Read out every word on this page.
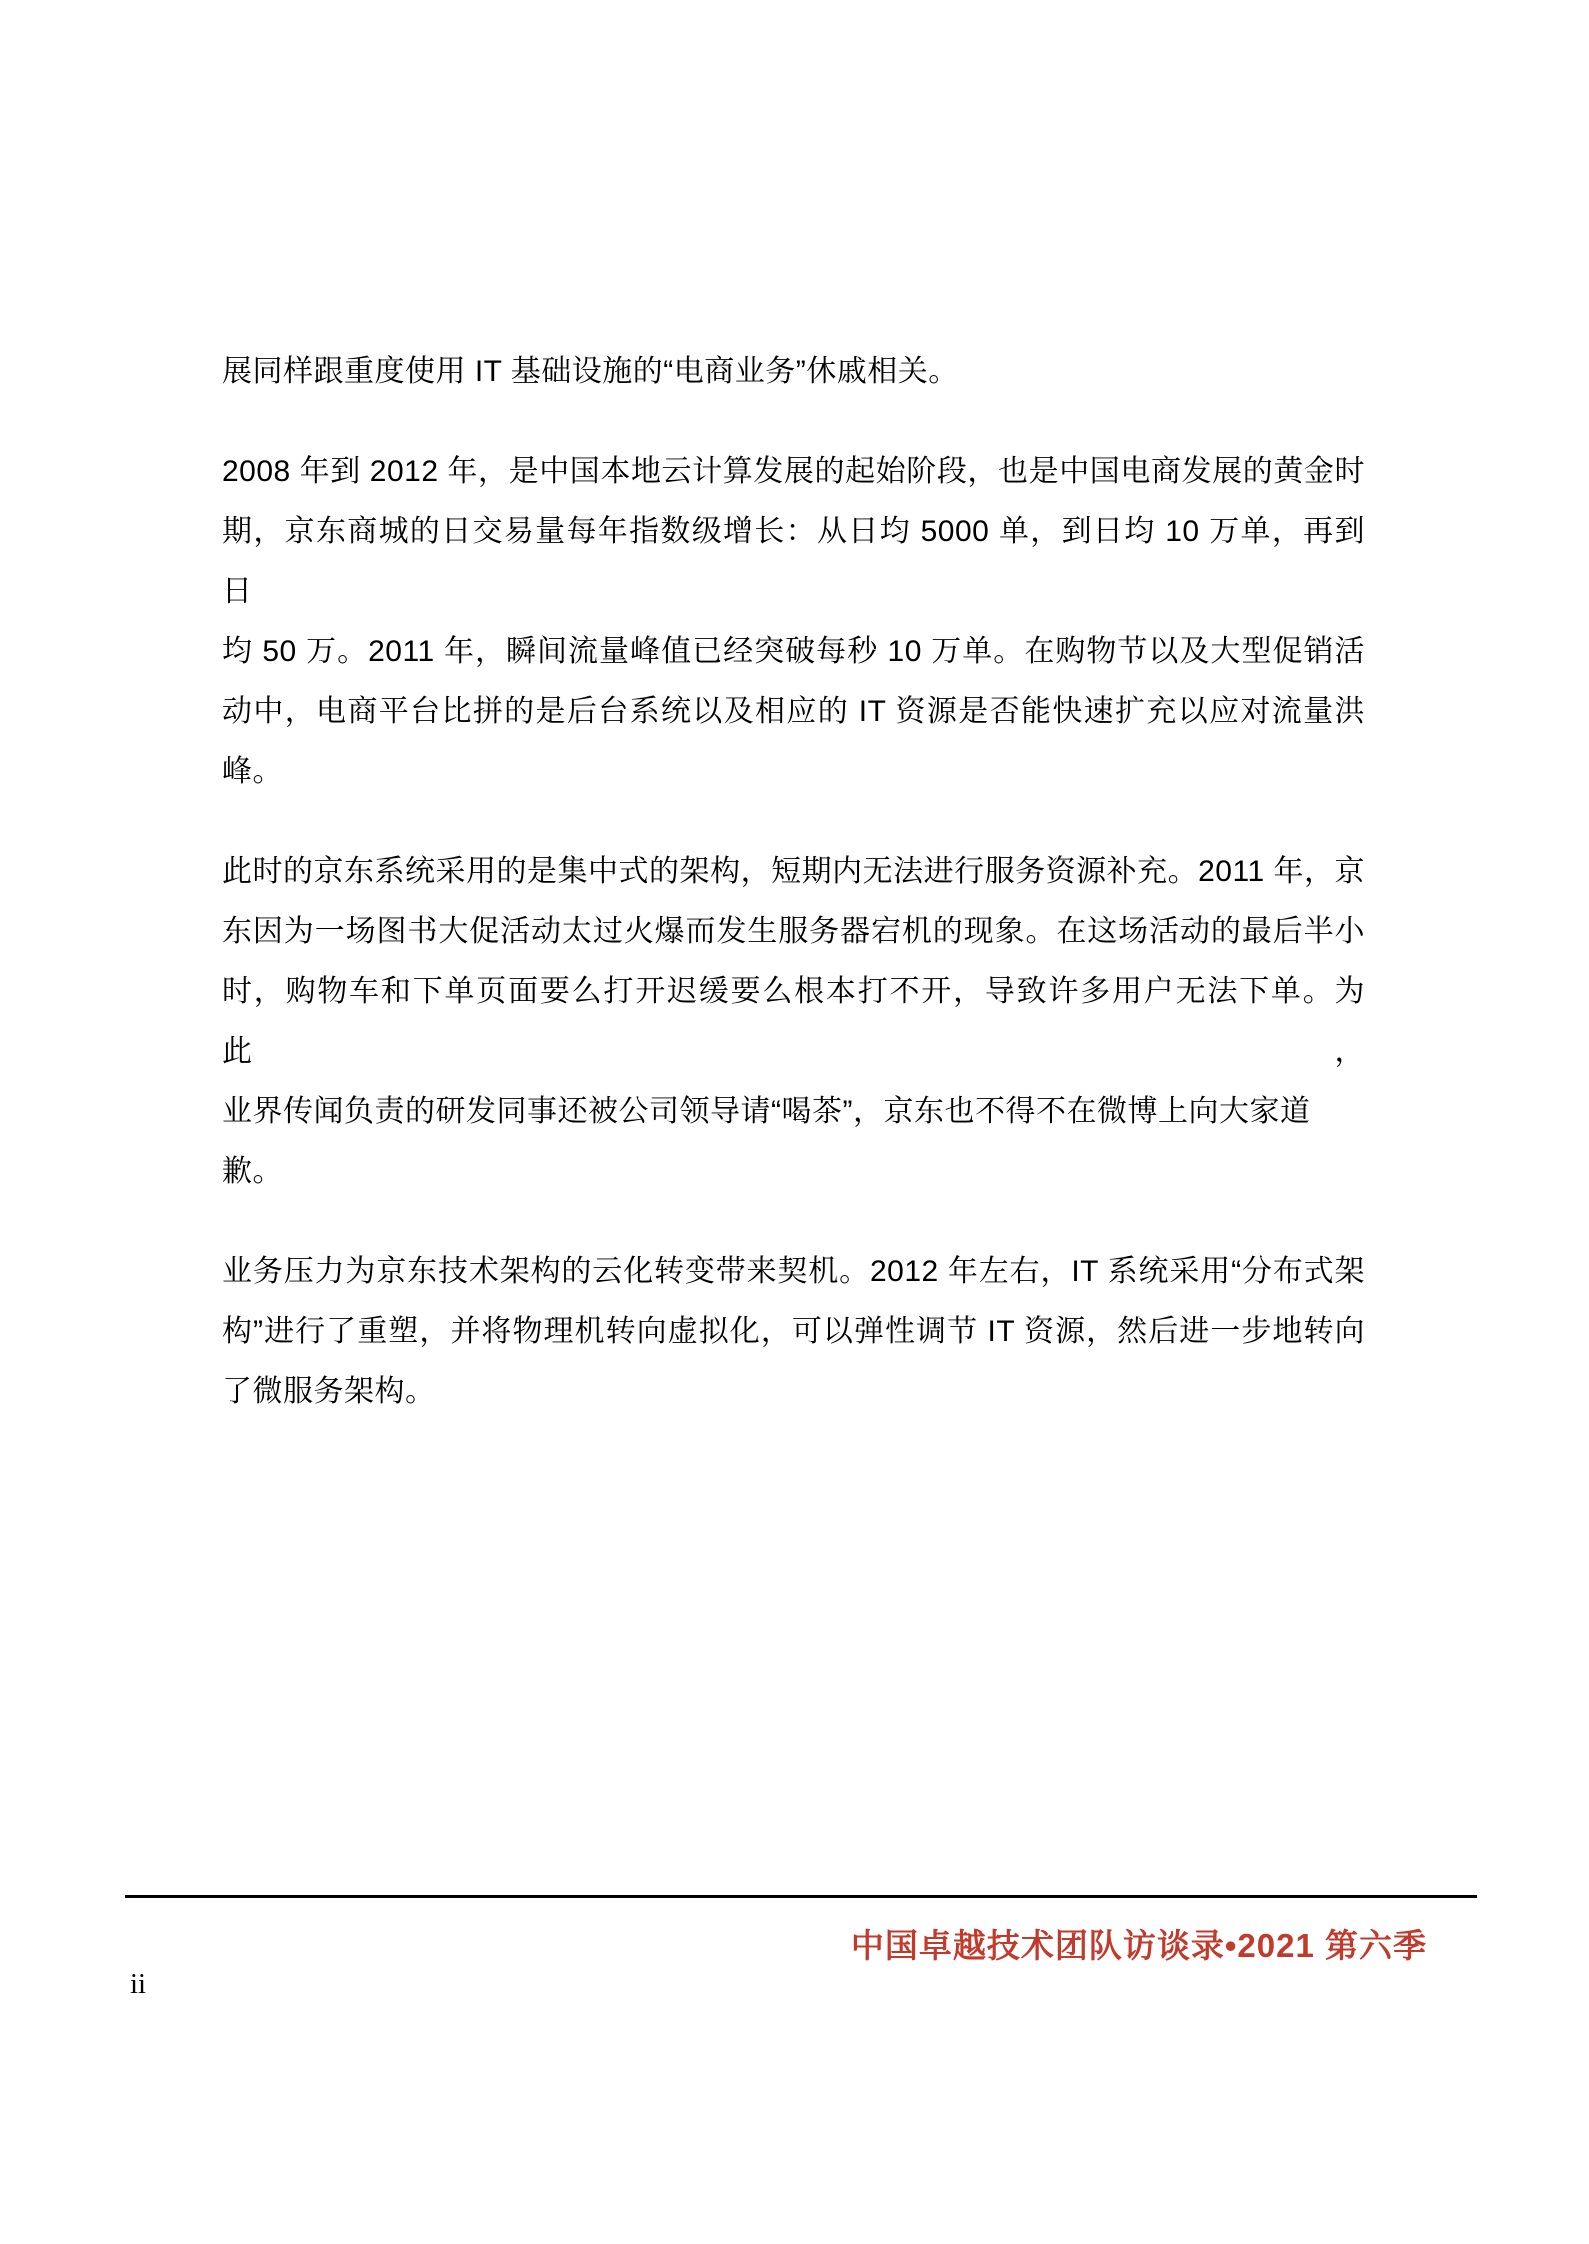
展同样跟重度使用 IT 基础设施的“电商业务”休戚相关。
2008 年到 2012 年，是中国本地云计算发展的起始阶段，也是中国电商发展的黄金时
期，京东商城的日交易量每年指数级增长：从日均 5000 单，到日均 10 万单，再到日
均 50 万。2011 年，瞬间流量峰值已经突破每秒 10 万单。在购物节以及大型促销活
动中，电商平台比拼的是后台系统以及相应的 IT 资源是否能快速扩充以应对流量洪
峰。
此时的京东系统采用的是集中式的架构，短期内无法进行服务资源补充。2011 年，京
东因为一场图书大促活动太过火爆而发生服务器宕机的现象。在这场活动的最后半小
时，购物车和下单页面要么打开迟缓要么根本打不开，导致许多用户无法下单。为此，
业界传闻负责的研发同事还被公司领导请“喝茶”，京东也不得不在微博上向大家道歉。
业务压力为京东技术架构的云化转变带来契机。2012 年左右，IT 系统采用“分布式架
构”进行了重塑，并将物理机转向虚拟化，可以弹性调节 IT 资源，然后进一步地转向
了微服务架构。
中国卓越技术团队访谈录•2021 第六季
ii
